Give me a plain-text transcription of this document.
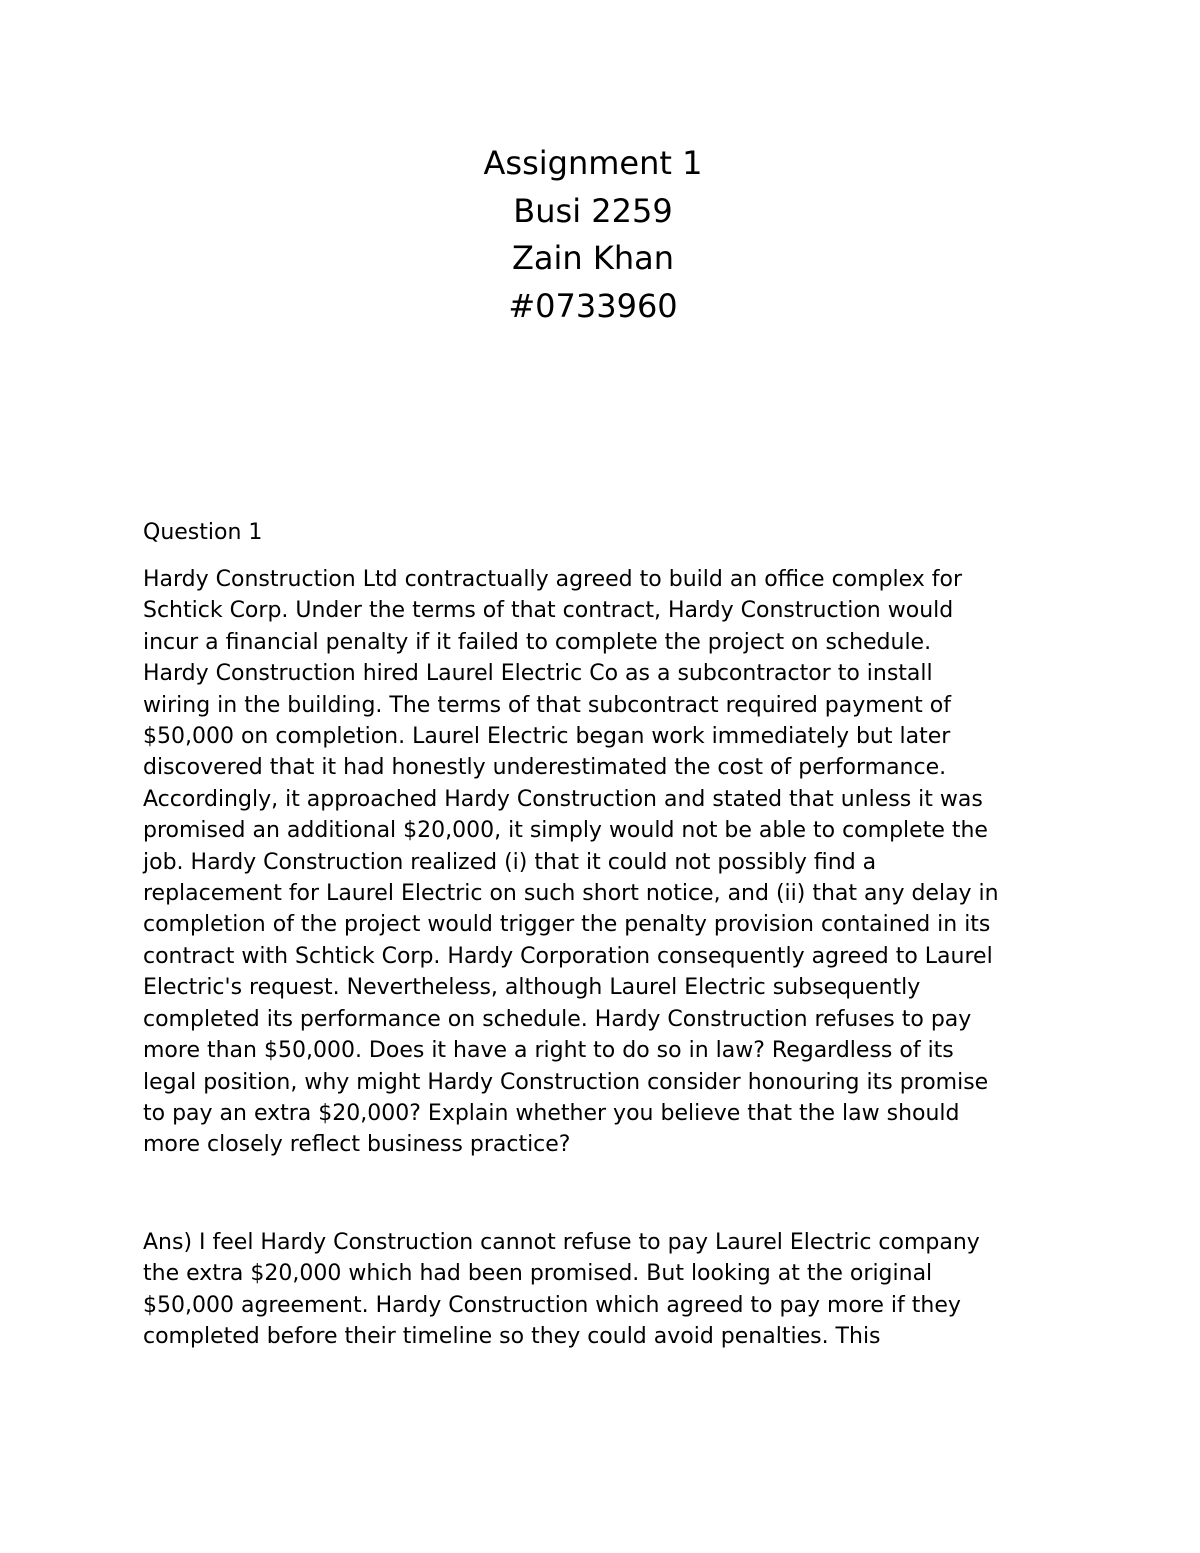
Assignment 1
Busi 2259
Zain Khan
#0733960
Question 1
Hardy Construction Ltd contractually agreed to build an office complex for
Schtick Corp. Under the terms of that contract, Hardy Construction would
incur a financial penalty if it failed to complete the project on schedule.
Hardy Construction hired Laurel Electric Co as a subcontractor to install
wiring in the building. The terms of that subcontract required payment of
$50,000 on completion. Laurel Electric began work immediately but later
discovered that it had honestly underestimated the cost of performance.
Accordingly, it approached Hardy Construction and stated that unless it was
promised an additional $20,000, it simply would not be able to complete the
job. Hardy Construction realized (i) that it could not possibly find a
replacement for Laurel Electric on such short notice, and (ii) that any delay in
completion of the project would trigger the penalty provision contained in its
contract with Schtick Corp. Hardy Corporation consequently agreed to Laurel
Electric's request. Nevertheless, although Laurel Electric subsequently
completed its performance on schedule. Hardy Construction refuses to pay
more than $50,000. Does it have a right to do so in law? Regardless of its
legal position, why might Hardy Construction consider honouring its promise
to pay an extra $20,000? Explain whether you believe that the law should
more closely reflect business practice?
Ans) I feel Hardy Construction cannot refuse to pay Laurel Electric company
the extra $20,000 which had been promised. But looking at the original
$50,000 agreement. Hardy Construction which agreed to pay more if they
completed before their timeline so they could avoid penalties. This
